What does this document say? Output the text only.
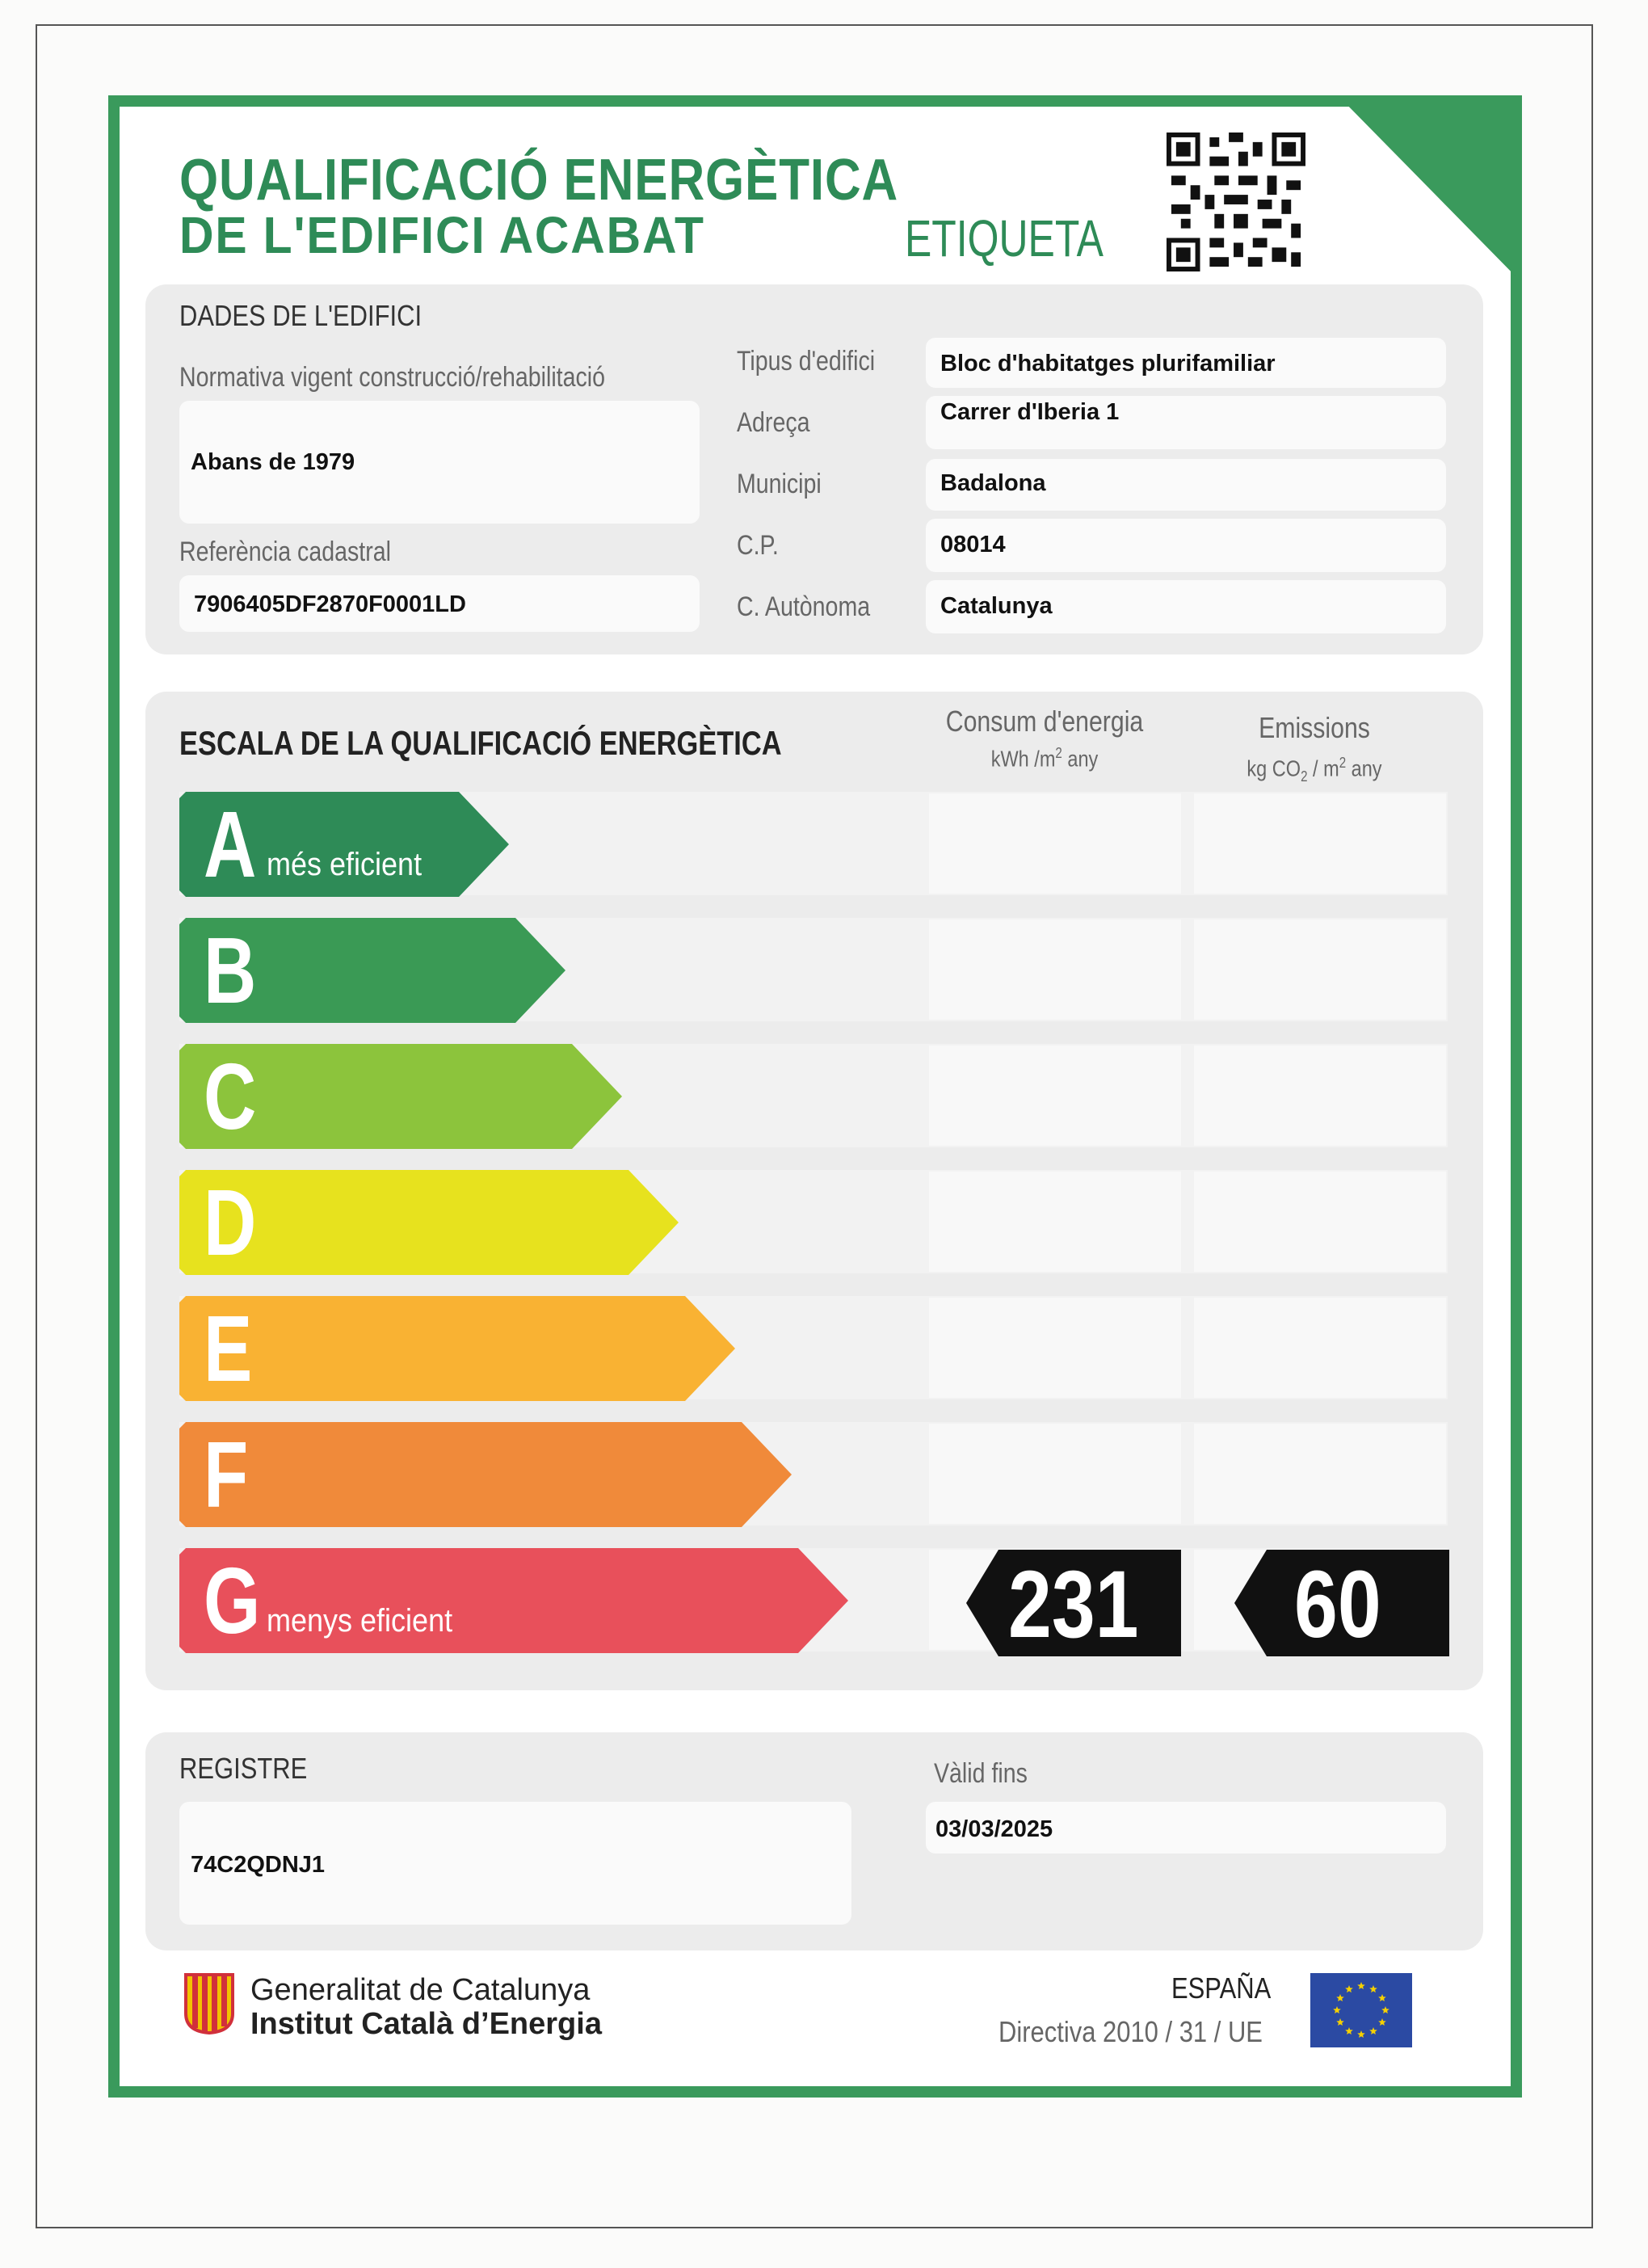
QUALIFICACIÓ ENERGÈTICA
DE L'EDIFICI ACABAT	ETIQUETA
DADES DE L'EDIFICI
Normativa vigent construcció/rehabilitació
Abans de 1979
Referència cadastral
7906405DF2870F0001LD
Tipus d'edifici	Bloc d'habitatges plurifamiliar
Adreça	Carrer d'Iberia 1
Municipi	Badalona
C.P.	08014
C. Autònoma	Catalunya
ESCALA DE LA QUALIFICACIÓ ENERGÈTICA
Consum d'energia
kWh $/m^2$ any
Emissions
kg $CO_2 / m^2$ any
A més eficient
B
C
D
E
F
G menys eficient	231 60
REGISTRE
74C2QDNJ1
Vàlid fins
03/03/2025
Generalitat de Catalunya
Institut Català d’Energia
ESPAÑA
Directiva 2010 / 31 / UE
